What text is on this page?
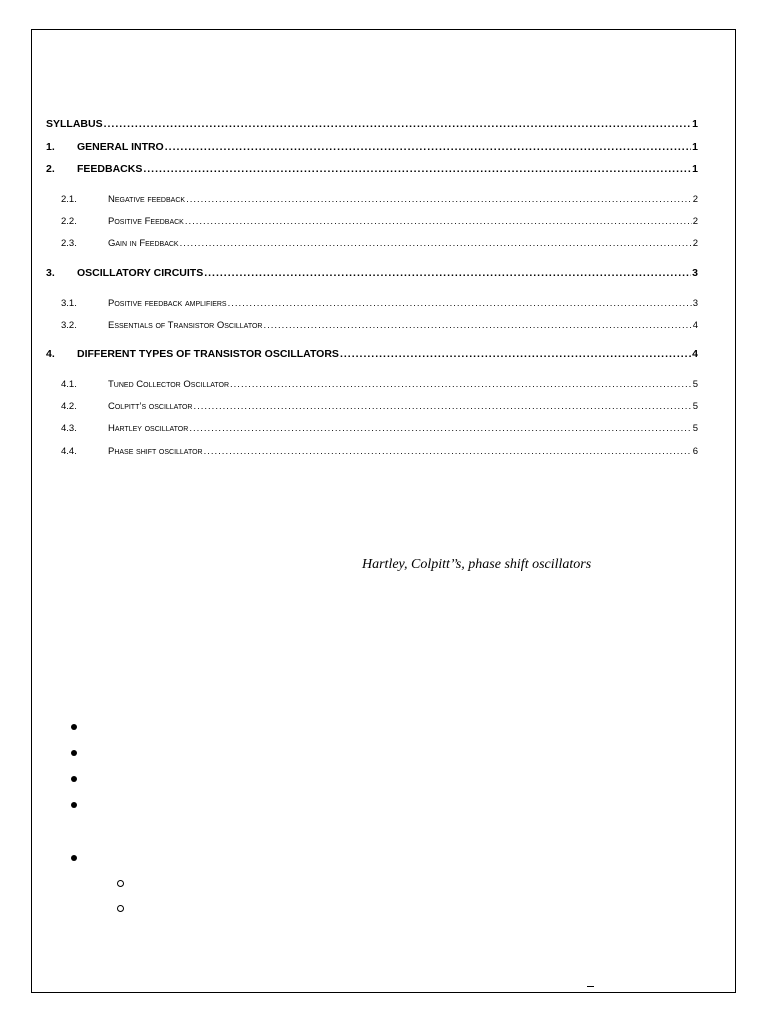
SYLLABUS .....	1
1.	GENERAL INTRO .....	1
2.	FEEDBACKS .....	1
2.1.	Negative feedback .....	2
2.2.	Positive Feedback .....	2
2.3.	Gain in Feedback .....	2
3.	OSCILLATORY CIRCUITS .....	3
3.1.	Positive feedback amplifiers .....	3
3.2.	Essentials of Transistor Oscillator .....	4
4.	DIFFERENT TYPES OF TRANSISTOR OSCILLATORS .....	4
4.1.	Tuned Collector Oscillator .....	5
4.2.	Colpitt’s oscillator .....	5
4.3.	Hartley oscillator .....	5
4.4.	Phase shift oscillator .....	6
Hartley, Colpitt’’s, phase shift oscillators
